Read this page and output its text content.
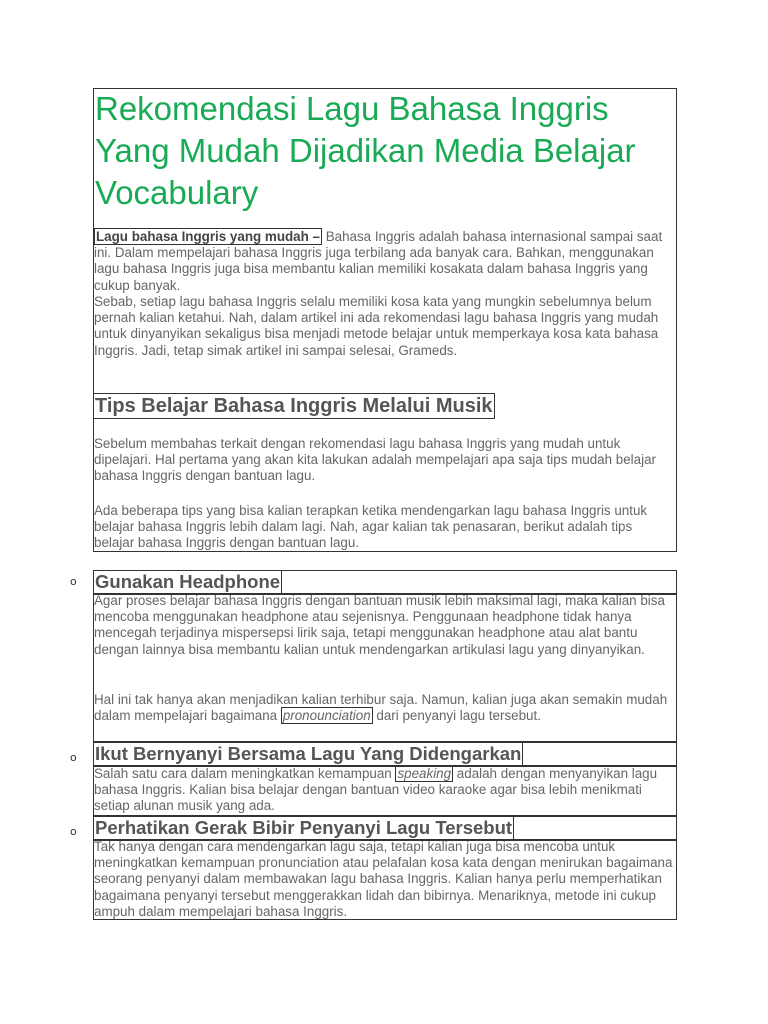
Rekomendasi Lagu Bahasa Inggris Yang Mudah Dijadikan Media Belajar Vocabulary

Lagu bahasa Inggris yang mudah – Bahasa Inggris adalah bahasa internasional sampai saat ini. Dalam mempelajari bahasa Inggris juga terbilang ada banyak cara. Bahkan, menggunakan lagu bahasa Inggris juga bisa membantu kalian memiliki kosakata dalam bahasa Inggris yang cukup banyak.

Sebab, setiap lagu bahasa Inggris selalu memiliki kosa kata yang mungkin sebelumnya belum pernah kalian ketahui. Nah, dalam artikel ini ada rekomendasi lagu bahasa Inggris yang mudah untuk dinyanyikan sekaligus bisa menjadi metode belajar untuk memperkaya kosa kata bahasa Inggris. Jadi, tetap simak artikel ini sampai selesai, Grameds.

Tips Belajar Bahasa Inggris Melalui Musik

Sebelum membahas terkait dengan rekomendasi lagu bahasa Inggris yang mudah untuk dipelajari. Hal pertama yang akan kita lakukan adalah mempelajari apa saja tips mudah belajar bahasa Inggris dengan bantuan lagu.

Ada beberapa tips yang bisa kalian terapkan ketika mendengarkan lagu bahasa Inggris untuk belajar bahasa Inggris lebih dalam lagi. Nah, agar kalian tak penasaran, berikut adalah tips belajar bahasa Inggris dengan bantuan lagu.

o Gunakan Headphone

Agar proses belajar bahasa Inggris dengan bantuan musik lebih maksimal lagi, maka kalian bisa mencoba menggunakan headphone atau sejenisnya. Penggunaan headphone tidak hanya mencegah terjadinya mispersepsi lirik saja, tetapi menggunakan headphone atau alat bantu dengan lainnya bisa membantu kalian untuk mendengarkan artikulasi lagu yang dinyanyikan.

Hal ini tak hanya akan menjadikan kalian terhibur saja. Namun, kalian juga akan semakin mudah dalam mempelajari bagaimana pronounciation dari penyanyi lagu tersebut.

o Ikut Bernyanyi Bersama Lagu Yang Didengarkan

Salah satu cara dalam meningkatkan kemampuan speaking adalah dengan menyanyikan lagu bahasa Inggris. Kalian bisa belajar dengan bantuan video karaoke agar bisa lebih menikmati setiap alunan musik yang ada.

o Perhatikan Gerak Bibir Penyanyi Lagu Tersebut

Tak hanya dengan cara mendengarkan lagu saja, tetapi kalian juga bisa mencoba untuk meningkatkan kemampuan pronunciation atau pelafalan kosa kata dengan menirukan bagaimana seorang penyanyi dalam membawakan lagu bahasa Inggris. Kalian hanya perlu memperhatikan bagaimana penyanyi tersebut menggerakkan lidah dan bibirnya. Menariknya, metode ini cukup ampuh dalam mempelajari bahasa Inggris.
